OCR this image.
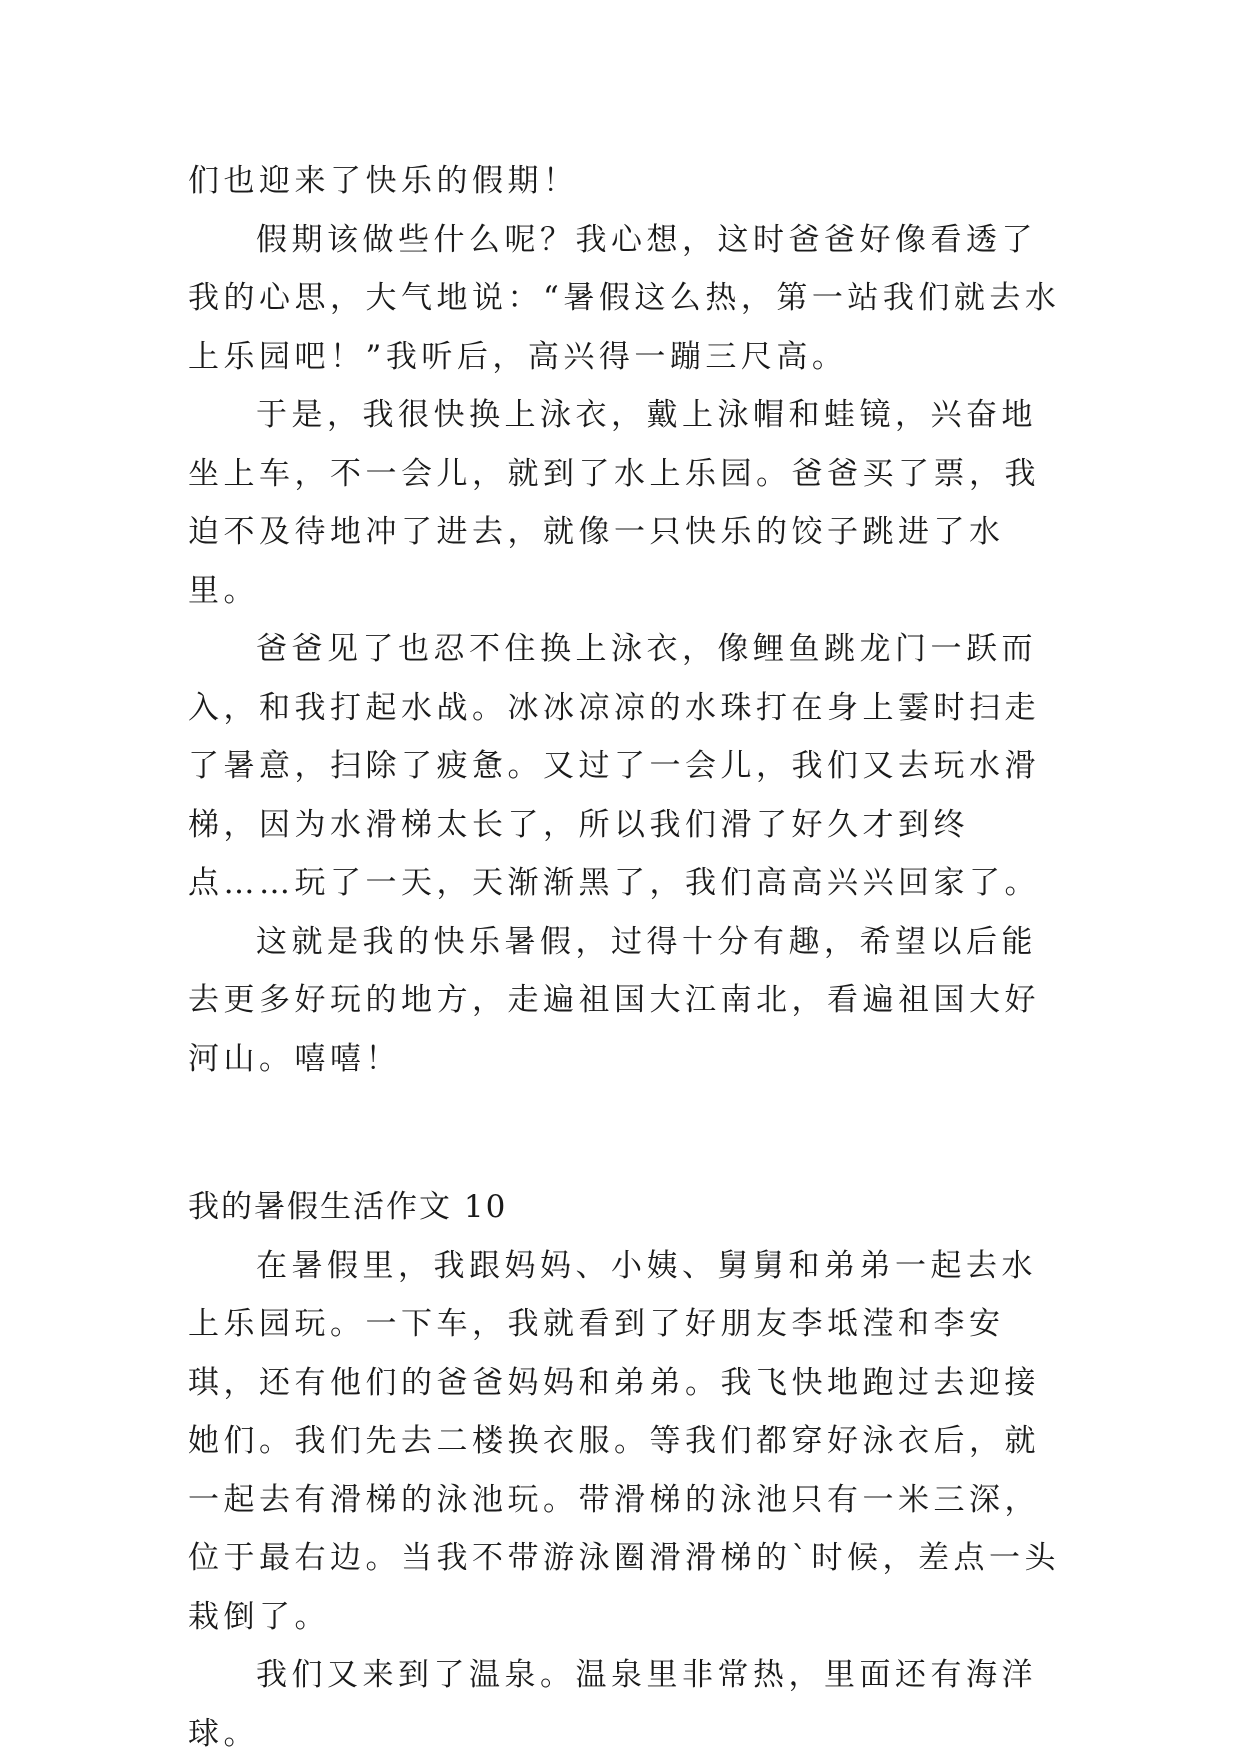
们也迎来了快乐的假期！

假期该做些什么呢？我心想，这时爸爸好像看透了我的心思，大气地说：“暑假这么热，第一站我们就去水上乐园吧！”我听后，高兴得一蹦三尺高。

于是，我很快换上泳衣，戴上泳帽和蛙镜，兴奋地坐上车，不一会儿，就到了水上乐园。爸爸买了票，我迫不及待地冲了进去，就像一只快乐的饺子跳进了水里。

爸爸见了也忍不住换上泳衣，像鲤鱼跳龙门一跃而入，和我打起水战。冰冰凉凉的水珠打在身上霎时扫走了暑意，扫除了疲惫。又过了一会儿，我们又去玩水滑梯，因为水滑梯太长了，所以我们滑了好久才到终点……玩了一天，天渐渐黑了，我们高高兴兴回家了。

这就是我的快乐暑假，过得十分有趣，希望以后能去更多好玩的地方，走遍祖国大江南北，看遍祖国大好河山。嘻嘻！

我的暑假生活作文 10

在暑假里，我跟妈妈、小姨、舅舅和弟弟一起去水上乐园玩。一下车，我就看到了好朋友李坻滢和李安琪，还有他们的爸爸妈妈和弟弟。我飞快地跑过去迎接她们。我们先去二楼换衣服。等我们都穿好泳衣后，就一起去有滑梯的泳池玩。带滑梯的泳池只有一米三深，位于最右边。当我不带游泳圈滑滑梯的`时候，差点一头栽倒了。

我们又来到了温泉。温泉里非常热，里面还有海洋球。
